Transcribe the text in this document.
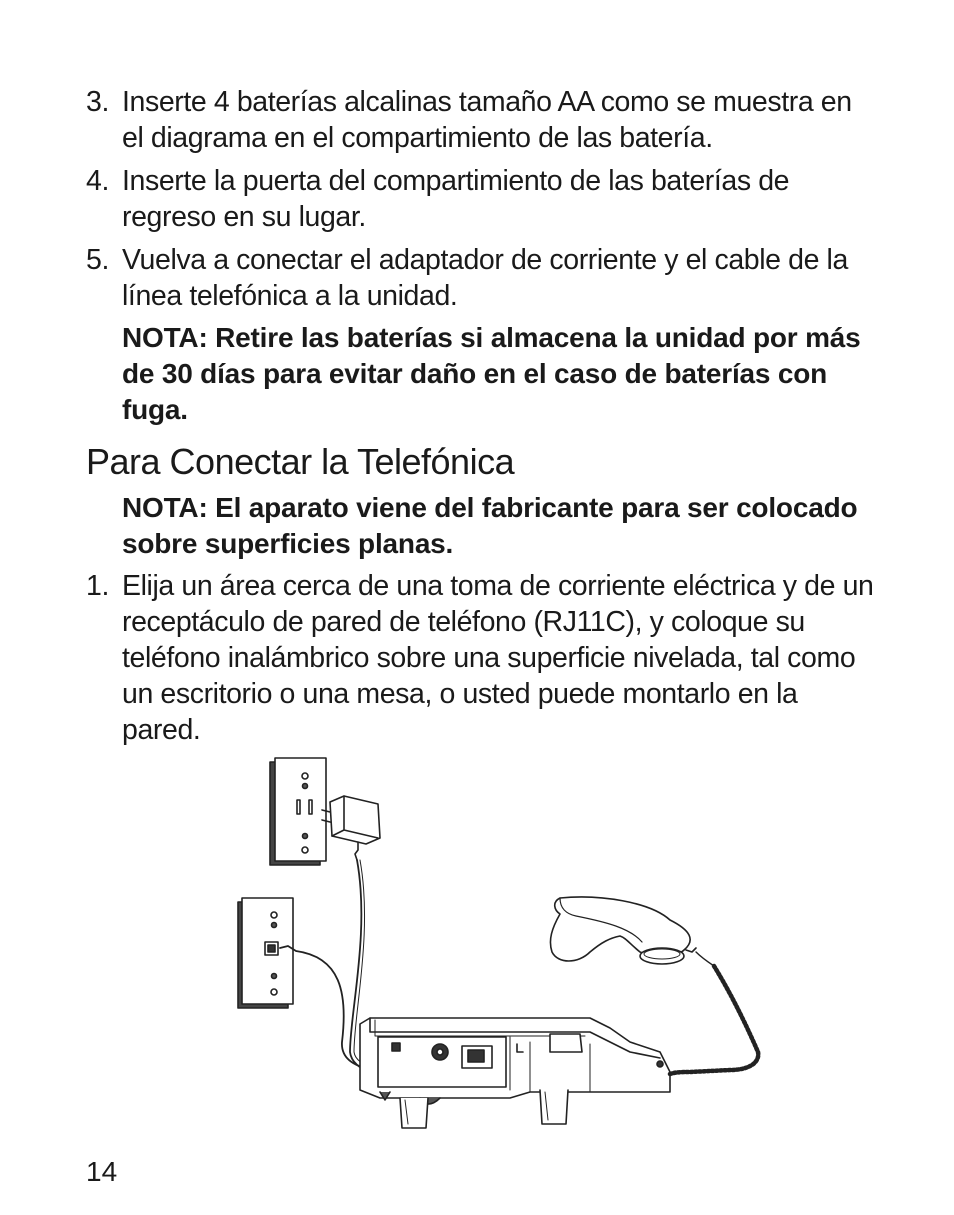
3. Inserte 4 baterías alcalinas tamaño AA como se muestra en el diagrama en el compartimiento de las batería.
4. Inserte la puerta del compartimiento de las baterías de regreso en su lugar.
5. Vuelva a conectar el adaptador de corriente y el cable de la línea telefónica a la unidad.
NOTA: Retire las baterías si almacena la unidad por más de 30 días para evitar daño en el caso de baterías con fuga.
Para Conectar la Telefónica
NOTA: El aparato viene del fabricante para ser colocado sobre superficies planas.
1. Elija un área cerca de una toma de corriente eléctrica y de un receptáculo de pared de teléfono (RJ11C), y coloque su teléfono inalámbrico sobre una superficie nivelada, tal como un escritorio o una mesa, o usted puede montarlo en la pared.
14
